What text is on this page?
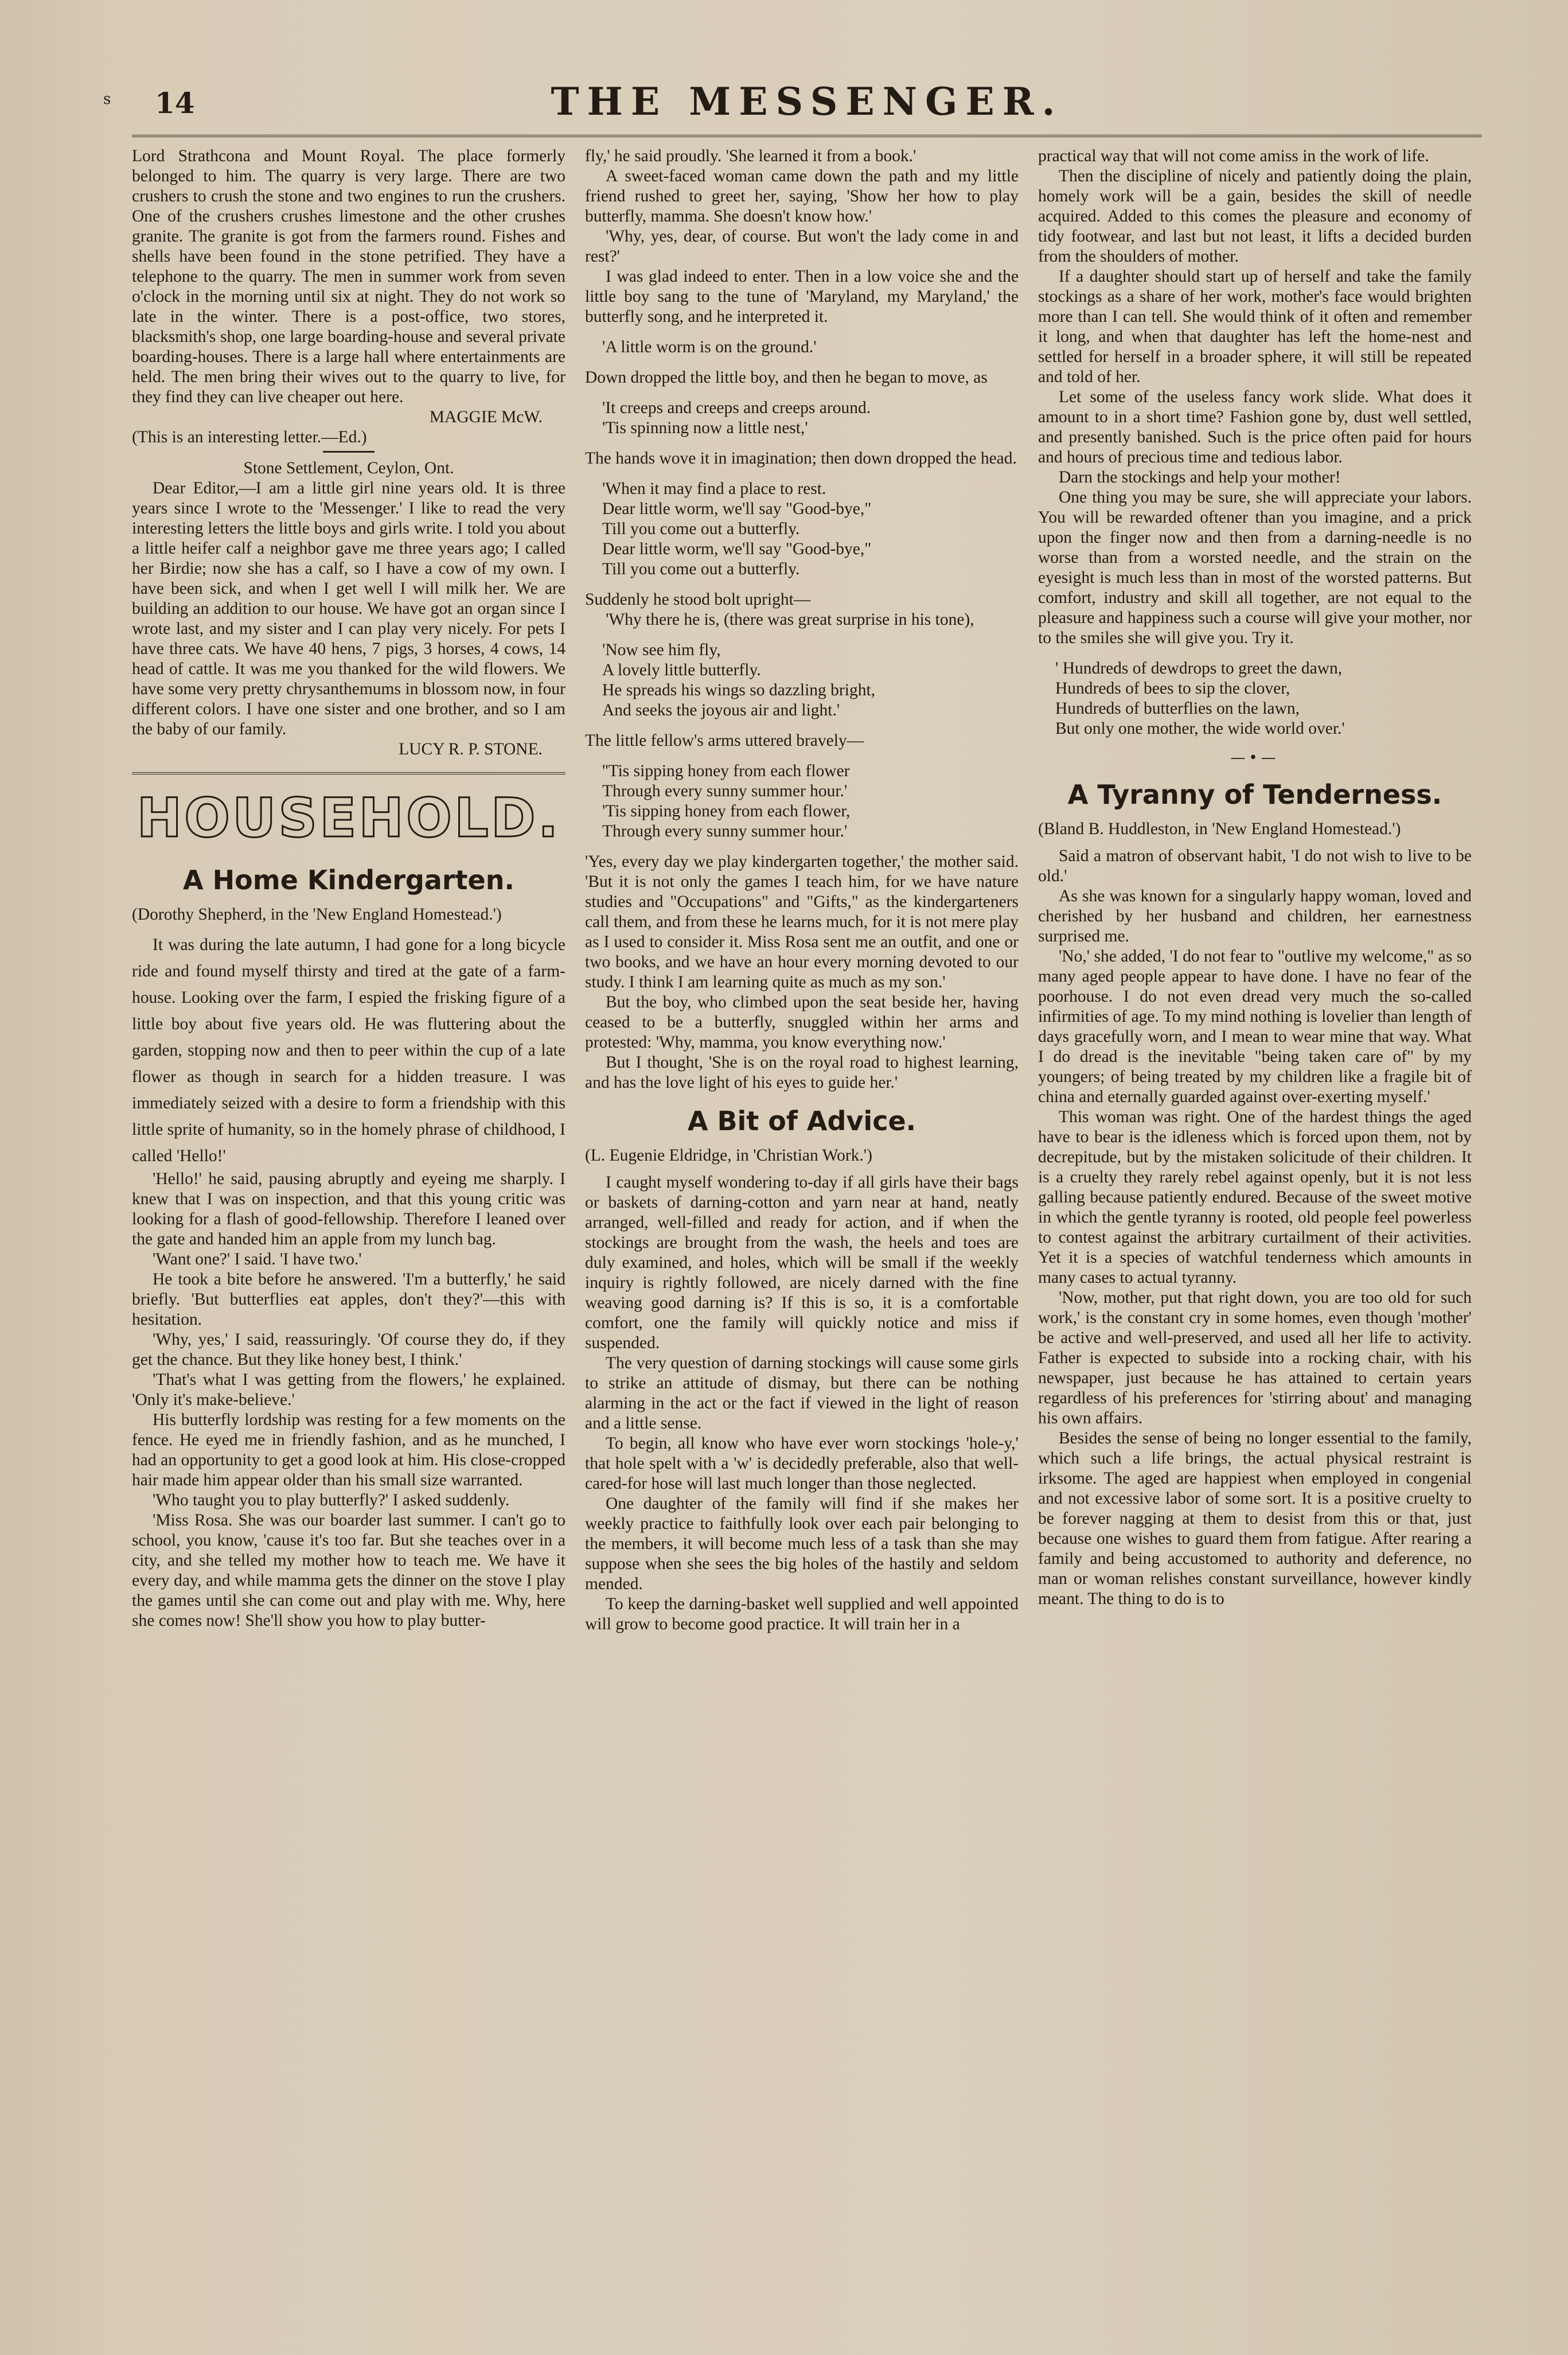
s 14	THE MESSENGER.

Lord Strathcona and Mount Royal. The place formerly belonged to him. The quarry is very large. There are two crushers to crush the stone and two engines to run the crushers. One of the crushers crushes limestone and the other crushes granite. The granite is got from the farmers round. Fishes and shells have been found in the stone petrified. They have a telephone to the quarry. The men in summer work from seven o'clock in the morning until six at night. They do not work so late in the winter. There is a post-office, two stores, blacksmith's shop, one large boarding-house and several private boarding-houses. There is a large hall where entertainments are held. The men bring their wives out to the quarry to live, for they find they can live cheaper out here.

MAGGIE McW.

(This is an interesting letter.—Ed.)

Stone Settlement, Ceylon, Ont.

Dear Editor,—I am a little girl nine years old. It is three years since I wrote to the 'Messenger.' I like to read the very interesting letters the little boys and girls write. I told you about a little heifer calf a neighbor gave me three years ago; I called her Birdie; now she has a calf, so I have a cow of my own. I have been sick, and when I get well I will milk her. We are building an addition to our house. We have got an organ since I wrote last, and my sister and I can play very nicely. For pets I have three cats. We have 40 hens, 7 pigs, 3 horses, 4 cows, 14 head of cattle. It was me you thanked for the wild flowers. We have some very pretty chrysanthemums in blossom now, in four different colors. I have one sister and one brother, and so I am the baby of our family.

LUCY R. P. STONE.

HOUSEHOLD.
A Home Kindergarten.

(Dorothy Shepherd, in the 'New England Homestead.')

It was during the late autumn, I had gone for a long bicycle ride and found myself thirsty and tired at the gate of a farm-house. Looking over the farm, I espied the frisking figure of a little boy about five years old. He was fluttering about the garden, stopping now and then to peer within the cup of a late flower as though in search for a hidden treasure. I was immediately seized with a desire to form a friendship with this little sprite of humanity, so in the homely phrase of childhood, I called 'Hello!'

'Hello!' he said, pausing abruptly and eyeing me sharply. I knew that I was on inspection, and that this young critic was looking for a flash of good-fellowship. Therefore I leaned over the gate and handed him an apple from my lunch bag.

'Want one?' I said. 'I have two.'

He took a bite before he answered. 'I'm a butterfly,' he said briefly. 'But butterflies eat apples, don't they?'—this with hesitation.

'Why, yes,' I said, reassuringly. 'Of course they do, if they get the chance. But they like honey best, I think.'

'That's what I was getting from the flowers,' he explained. 'Only it's make-believe.'

His butterfly lordship was resting for a few moments on the fence. He eyed me in friendly fashion, and as he munched, I had an opportunity to get a good look at him. His close-cropped hair made him appear older than his small size warranted.

'Who taught you to play butterfly?' I asked suddenly.

'Miss Rosa. She was our boarder last summer. I can't go to school, you know, 'cause it's too far. But she teaches over in a city, and she telled my mother how to teach me. We have it every day, and while mamma gets the dinner on the stove I play the games until she can come out and play with me. Why, here she comes now! She'll show you how to play butter-

fly,' he said proudly. 'She learned it from a book.'

A sweet-faced woman came down the path and my little friend rushed to greet her, saying, 'Show her how to play butterfly, mamma. She doesn't know how.'

'Why, yes, dear, of course. But won't the lady come in and rest?'

I was glad indeed to enter. Then in a low voice she and the little boy sang to the tune of 'Maryland, my Maryland,' the butterfly song, and he interpreted it.

'A little worm is on the ground.'

Down dropped the little boy, and then he began to move, as

'It creeps and creeps and creeps around.
'Tis spinning now a little nest,'

The hands wove it in imagination; then down dropped the head.

'When it may find a place to rest.
Dear little worm, we'll say "Good-bye,"
Till you come out a butterfly.
Dear little worm, we'll say "Good-bye,"
Till you come out a butterfly.

Suddenly he stood bolt upright—

'Why there he is, (there was great surprise in his tone),

'Now see him fly,
A lovely little butterfly.
He spreads his wings so dazzling bright,
And seeks the joyous air and light.'

The little fellow's arms uttered bravely—

''Tis sipping honey from each flower
Through every sunny summer hour.'
'Tis sipping honey from each flower,
Through every sunny summer hour.'

'Yes, every day we play kindergarten together,' the mother said. 'But it is not only the games I teach him, for we have nature studies and "Occupations" and "Gifts," as the kindergarteners call them, and from these he learns much, for it is not mere play as I used to consider it. Miss Rosa sent me an outfit, and one or two books, and we have an hour every morning devoted to our study. I think I am learning quite as much as my son.'

But the boy, who climbed upon the seat beside her, having ceased to be a butterfly, snuggled within her arms and protested: 'Why, mamma, you know everything now.'

But I thought, 'She is on the royal road to highest learning, and has the love light of his eyes to guide her.'

A Bit of Advice.

(L. Eugenie Eldridge, in 'Christian Work.')

I caught myself wondering to-day if all girls have their bags or baskets of darning-cotton and yarn near at hand, neatly arranged, well-filled and ready for action, and if when the stockings are brought from the wash, the heels and toes are duly examined, and holes, which will be small if the weekly inquiry is rightly followed, are nicely darned with the fine weaving good darning is? If this is so, it is a comfortable comfort, one the family will quickly notice and miss if suspended.

The very question of darning stockings will cause some girls to strike an attitude of dismay, but there can be nothing alarming in the act or the fact if viewed in the light of reason and a little sense.

To begin, all know who have ever worn stockings 'hole-y,' that hole spelt with a 'w' is decidedly preferable, also that well-cared-for hose will last much longer than those neglected.

One daughter of the family will find if she makes her weekly practice to faithfully look over each pair belonging to the members, it will become much less of a task than she may suppose when she sees the big holes of the hastily and seldom mended.

To keep the darning-basket well supplied and well appointed will grow to become good practice. It will train her in a

practical way that will not come amiss in the work of life.

Then the discipline of nicely and patiently doing the plain, homely work will be a gain, besides the skill of needle acquired. Added to this comes the pleasure and economy of tidy footwear, and last but not least, it lifts a decided burden from the shoulders of mother.

If a daughter should start up of herself and take the family stockings as a share of her work, mother's face would brighten more than I can tell. She would think of it often and remember it long, and when that daughter has left the home-nest and settled for herself in a broader sphere, it will still be repeated and told of her.

Let some of the useless fancy work slide. What does it amount to in a short time? Fashion gone by, dust well settled, and presently banished. Such is the price often paid for hours and hours of precious time and tedious labor.

Darn the stockings and help your mother!

One thing you may be sure, she will appreciate your labors. You will be rewarded oftener than you imagine, and a prick upon the finger now and then from a darning-needle is no worse than from a worsted needle, and the strain on the eyesight is much less than in most of the worsted patterns. But comfort, industry and skill all together, are not equal to the pleasure and happiness such a course will give your mother, nor to the smiles she will give you. Try it.

' Hundreds of dewdrops to greet the dawn,
Hundreds of bees to sip the clover,
Hundreds of butterflies on the lawn,
But only one mother, the wide world over.'
—•—
A Tyranny of Tenderness.

(Bland B. Huddleston, in 'New England Homestead.')

Said a matron of observant habit, 'I do not wish to live to be old.'

As she was known for a singularly happy woman, loved and cherished by her husband and children, her earnestness surprised me.

'No,' she added, 'I do not fear to "outlive my welcome," as so many aged people appear to have done. I have no fear of the poorhouse. I do not even dread very much the so-called infirmities of age. To my mind nothing is lovelier than length of days gracefully worn, and I mean to wear mine that way. What I do dread is the inevitable "being taken care of" by my youngers; of being treated by my children like a fragile bit of china and eternally guarded against over-exerting myself.'

This woman was right. One of the hardest things the aged have to bear is the idleness which is forced upon them, not by decrepitude, but by the mistaken solicitude of their children. It is a cruelty they rarely rebel against openly, but it is not less galling because patiently endured. Because of the sweet motive in which the gentle tyranny is rooted, old people feel powerless to contest against the arbitrary curtailment of their activities. Yet it is a species of watchful tenderness which amounts in many cases to actual tyranny.

'Now, mother, put that right down, you are too old for such work,' is the constant cry in some homes, even though 'mother' be active and well-preserved, and used all her life to activity. Father is expected to subside into a rocking chair, with his newspaper, just because he has attained to certain years regardless of his preferences for 'stirring about' and managing his own affairs.

Besides the sense of being no longer essential to the family, which such a life brings, the actual physical restraint is irksome. The aged are happiest when employed in congenial and not excessive labor of some sort. It is a positive cruelty to be forever nagging at them to desist from this or that, just because one wishes to guard them from fatigue. After rearing a family and being accustomed to authority and deference, no man or woman relishes constant surveillance, however kindly meant. The thing to do is to
